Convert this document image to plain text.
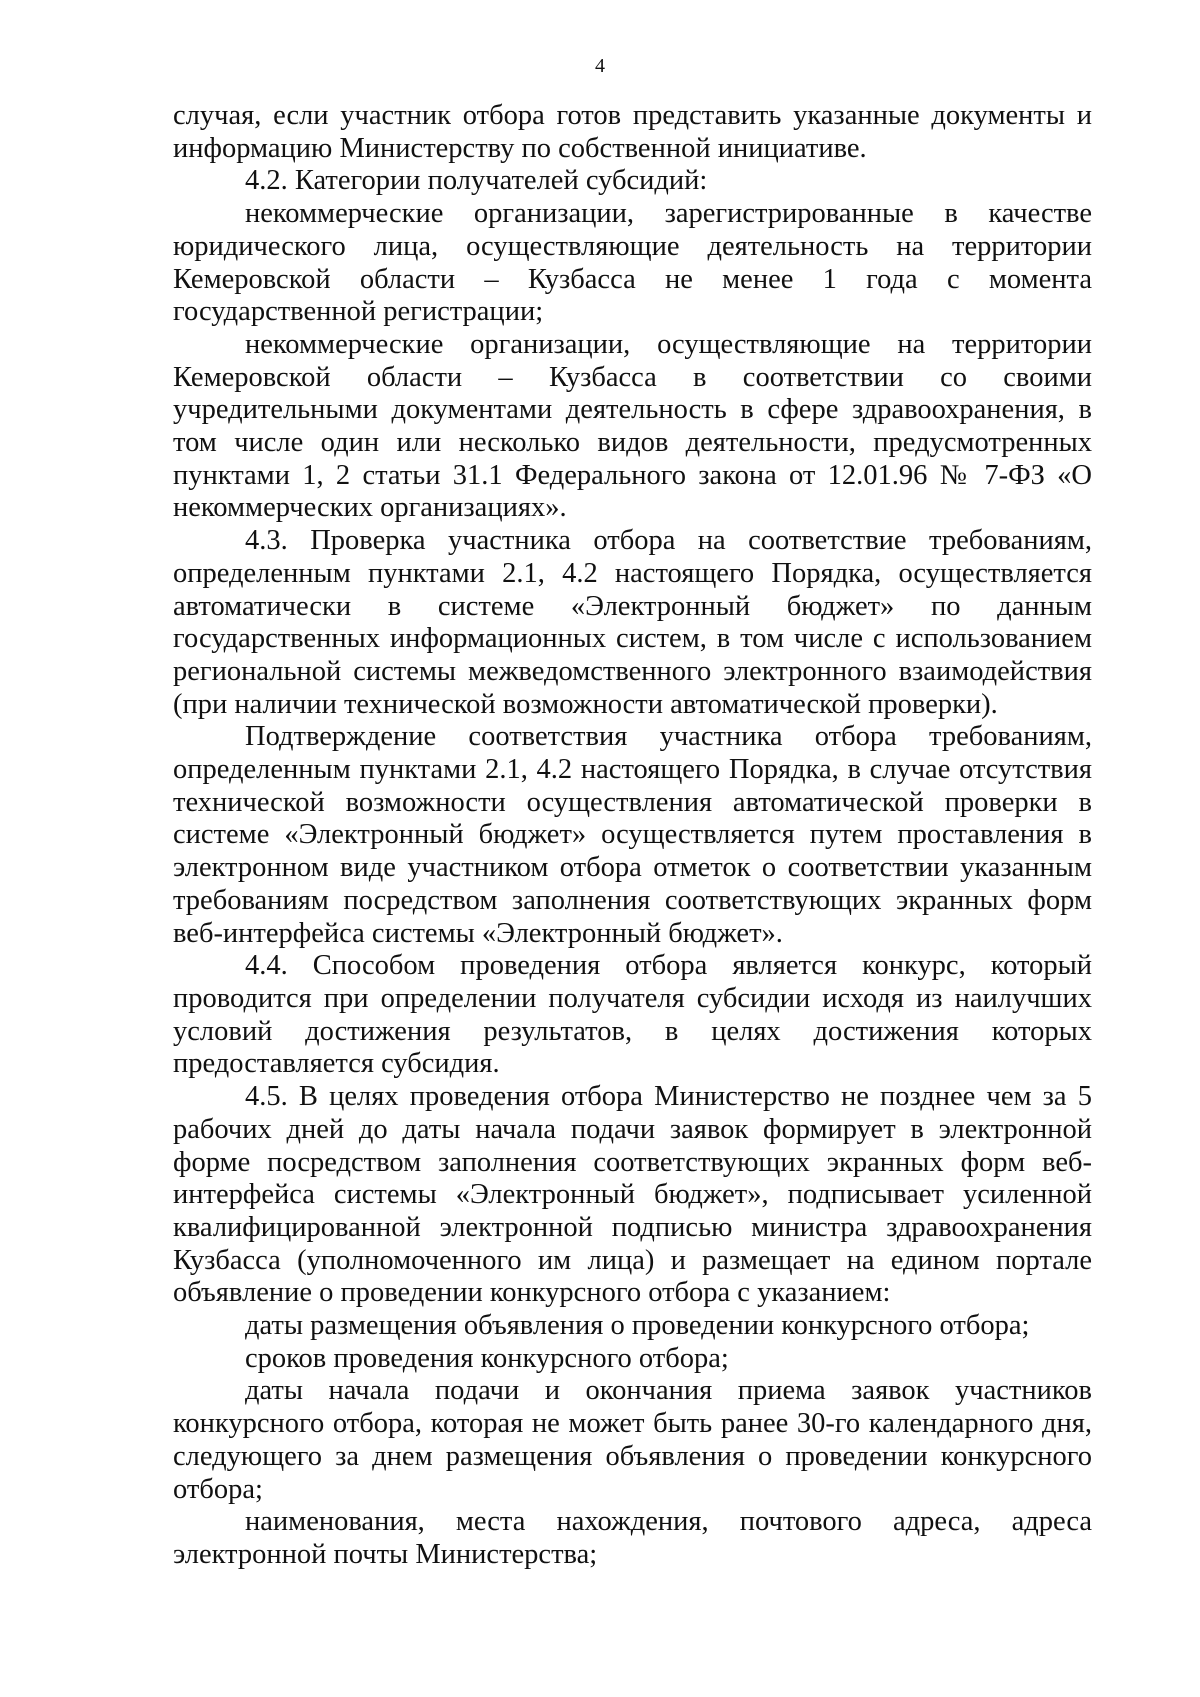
4

случая, если участник отбора готов представить указанные документы и информацию Министерству по собственной инициативе.

4.2. Категории получателей субсидий:

некоммерческие организации, зарегистрированные в качестве юридического лица, осуществляющие деятельность на территории Кемеровской области – Кузбасса не менее 1 года с момента государственной регистрации;

некоммерческие организации, осуществляющие на территории Кемеровской области – Кузбасса в соответствии со своими учредительными документами деятельность в сфере здравоохранения, в том числе один или несколько видов деятельности, предусмотренных пунктами 1, 2 статьи 31.1 Федерального закона от 12.01.96 № 7-ФЗ «О некоммерческих организациях».

4.3. Проверка участника отбора на соответствие требованиям, определенным пунктами 2.1, 4.2 настоящего Порядка, осуществляется автоматически в системе «Электронный бюджет» по данным государственных информационных систем, в том числе с использованием региональной системы межведомственного электронного взаимодействия (при наличии технической возможности автоматической проверки).

Подтверждение соответствия участника отбора требованиям, определенным пунктами 2.1, 4.2 настоящего Порядка, в случае отсутствия технической возможности осуществления автоматической проверки в системе «Электронный бюджет» осуществляется путем проставления в электронном виде участником отбора отметок о соответствии указанным требованиям посредством заполнения соответствующих экранных форм веб-интерфейса системы «Электронный бюджет».

4.4. Способом проведения отбора является конкурс, который проводится при определении получателя субсидии исходя из наилучших условий достижения результатов, в целях достижения которых предоставляется субсидия.

4.5. В целях проведения отбора Министерство не позднее чем за 5 рабочих дней до даты начала подачи заявок формирует в электронной форме посредством заполнения соответствующих экранных форм веб-интерфейса системы «Электронный бюджет», подписывает усиленной квалифицированной электронной подписью министра здравоохранения Кузбасса (уполномоченного им лица) и размещает на едином портале объявление о проведении конкурсного отбора с указанием:

даты размещения объявления о проведении конкурсного отбора;

сроков проведения конкурсного отбора;

даты начала подачи и окончания приема заявок участников конкурсного отбора, которая не может быть ранее 30-го календарного дня, следующего за днем размещения объявления о проведении конкурсного отбора;

наименования, места нахождения, почтового адреса, адреса электронной почты Министерства;
